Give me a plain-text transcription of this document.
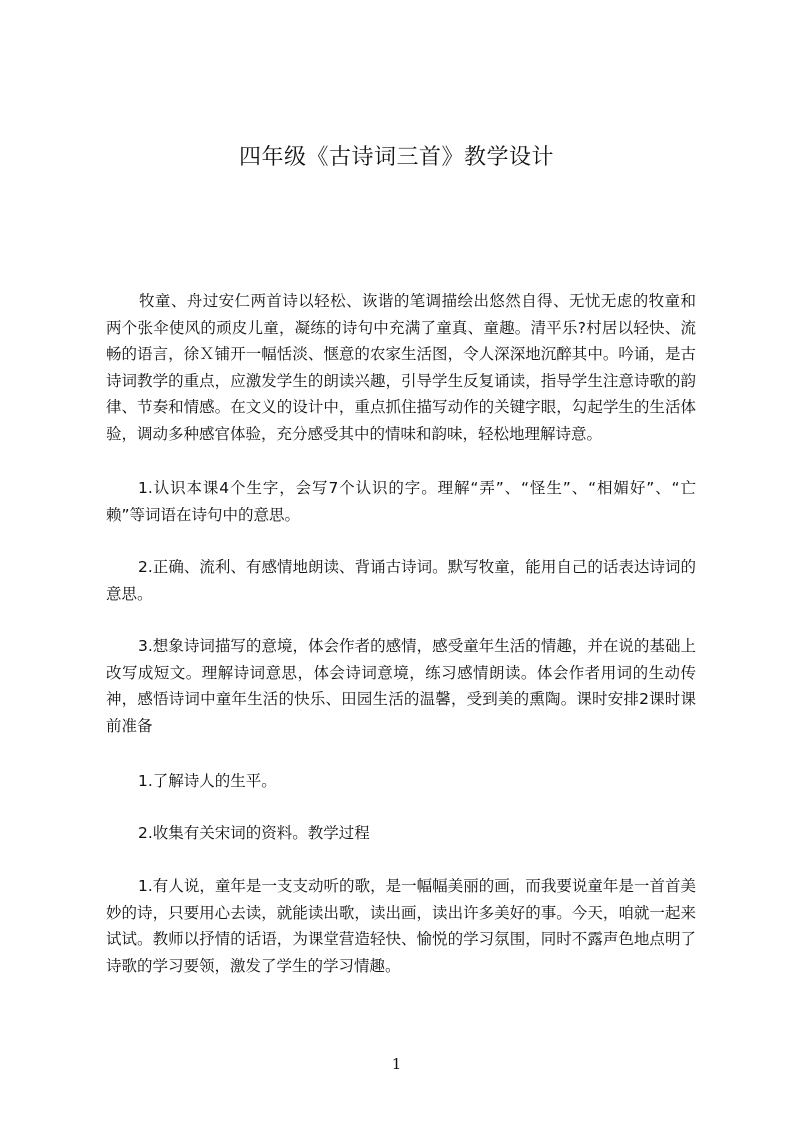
四年级《古诗词三首》教学设计

牧童、舟过安仁两首诗以轻松、诙谐的笔调描绘出悠然自得、无忧无虑的牧童和两个张伞使风的顽皮儿童，凝练的诗句中充满了童真、童趣。清平乐?村居以轻快、流畅的语言，徐Ｘ铺开一幅恬淡、惬意的农家生活图，令人深深地沉醉其中。吟诵，是古诗词教学的重点，应激发学生的朗读兴趣，引导学生反复诵读，指导学生注意诗歌的韵律、节奏和情感。在文义的设计中，重点抓住描写动作的关键字眼，勾起学生的生活体验，调动多种感官体验，充分感受其中的情味和韵味，轻松地理解诗意。

1.认识本课4个生字，会写7个认识的字。理解“弄”、“怪生”、“相媚好”、“亡赖”等词语在诗句中的意思。

2.正确、流利、有感情地朗读、背诵古诗词。默写牧童，能用自己的话表达诗词的意思。

3.想象诗词描写的意境，体会作者的感情，感受童年生活的情趣，并在说的基础上改写成短文。理解诗词意思，体会诗词意境，练习感情朗读。体会作者用词的生动传神，感悟诗词中童年生活的快乐、田园生活的温馨，受到美的熏陶。课时安排2课时课前准备

1.了解诗人的生平。

2.收集有关宋词的资料。教学过程

1.有人说，童年是一支支动听的歌，是一幅幅美丽的画，而我要说童年是一首首美妙的诗，只要用心去读，就能读出歌，读出画，读出许多美好的事。今天，咱就一起来试试。教师以抒情的话语，为课堂营造轻快、愉悦的学习氛围，同时不露声色地点明了诗歌的学习要领，激发了学生的学习情趣。

1
